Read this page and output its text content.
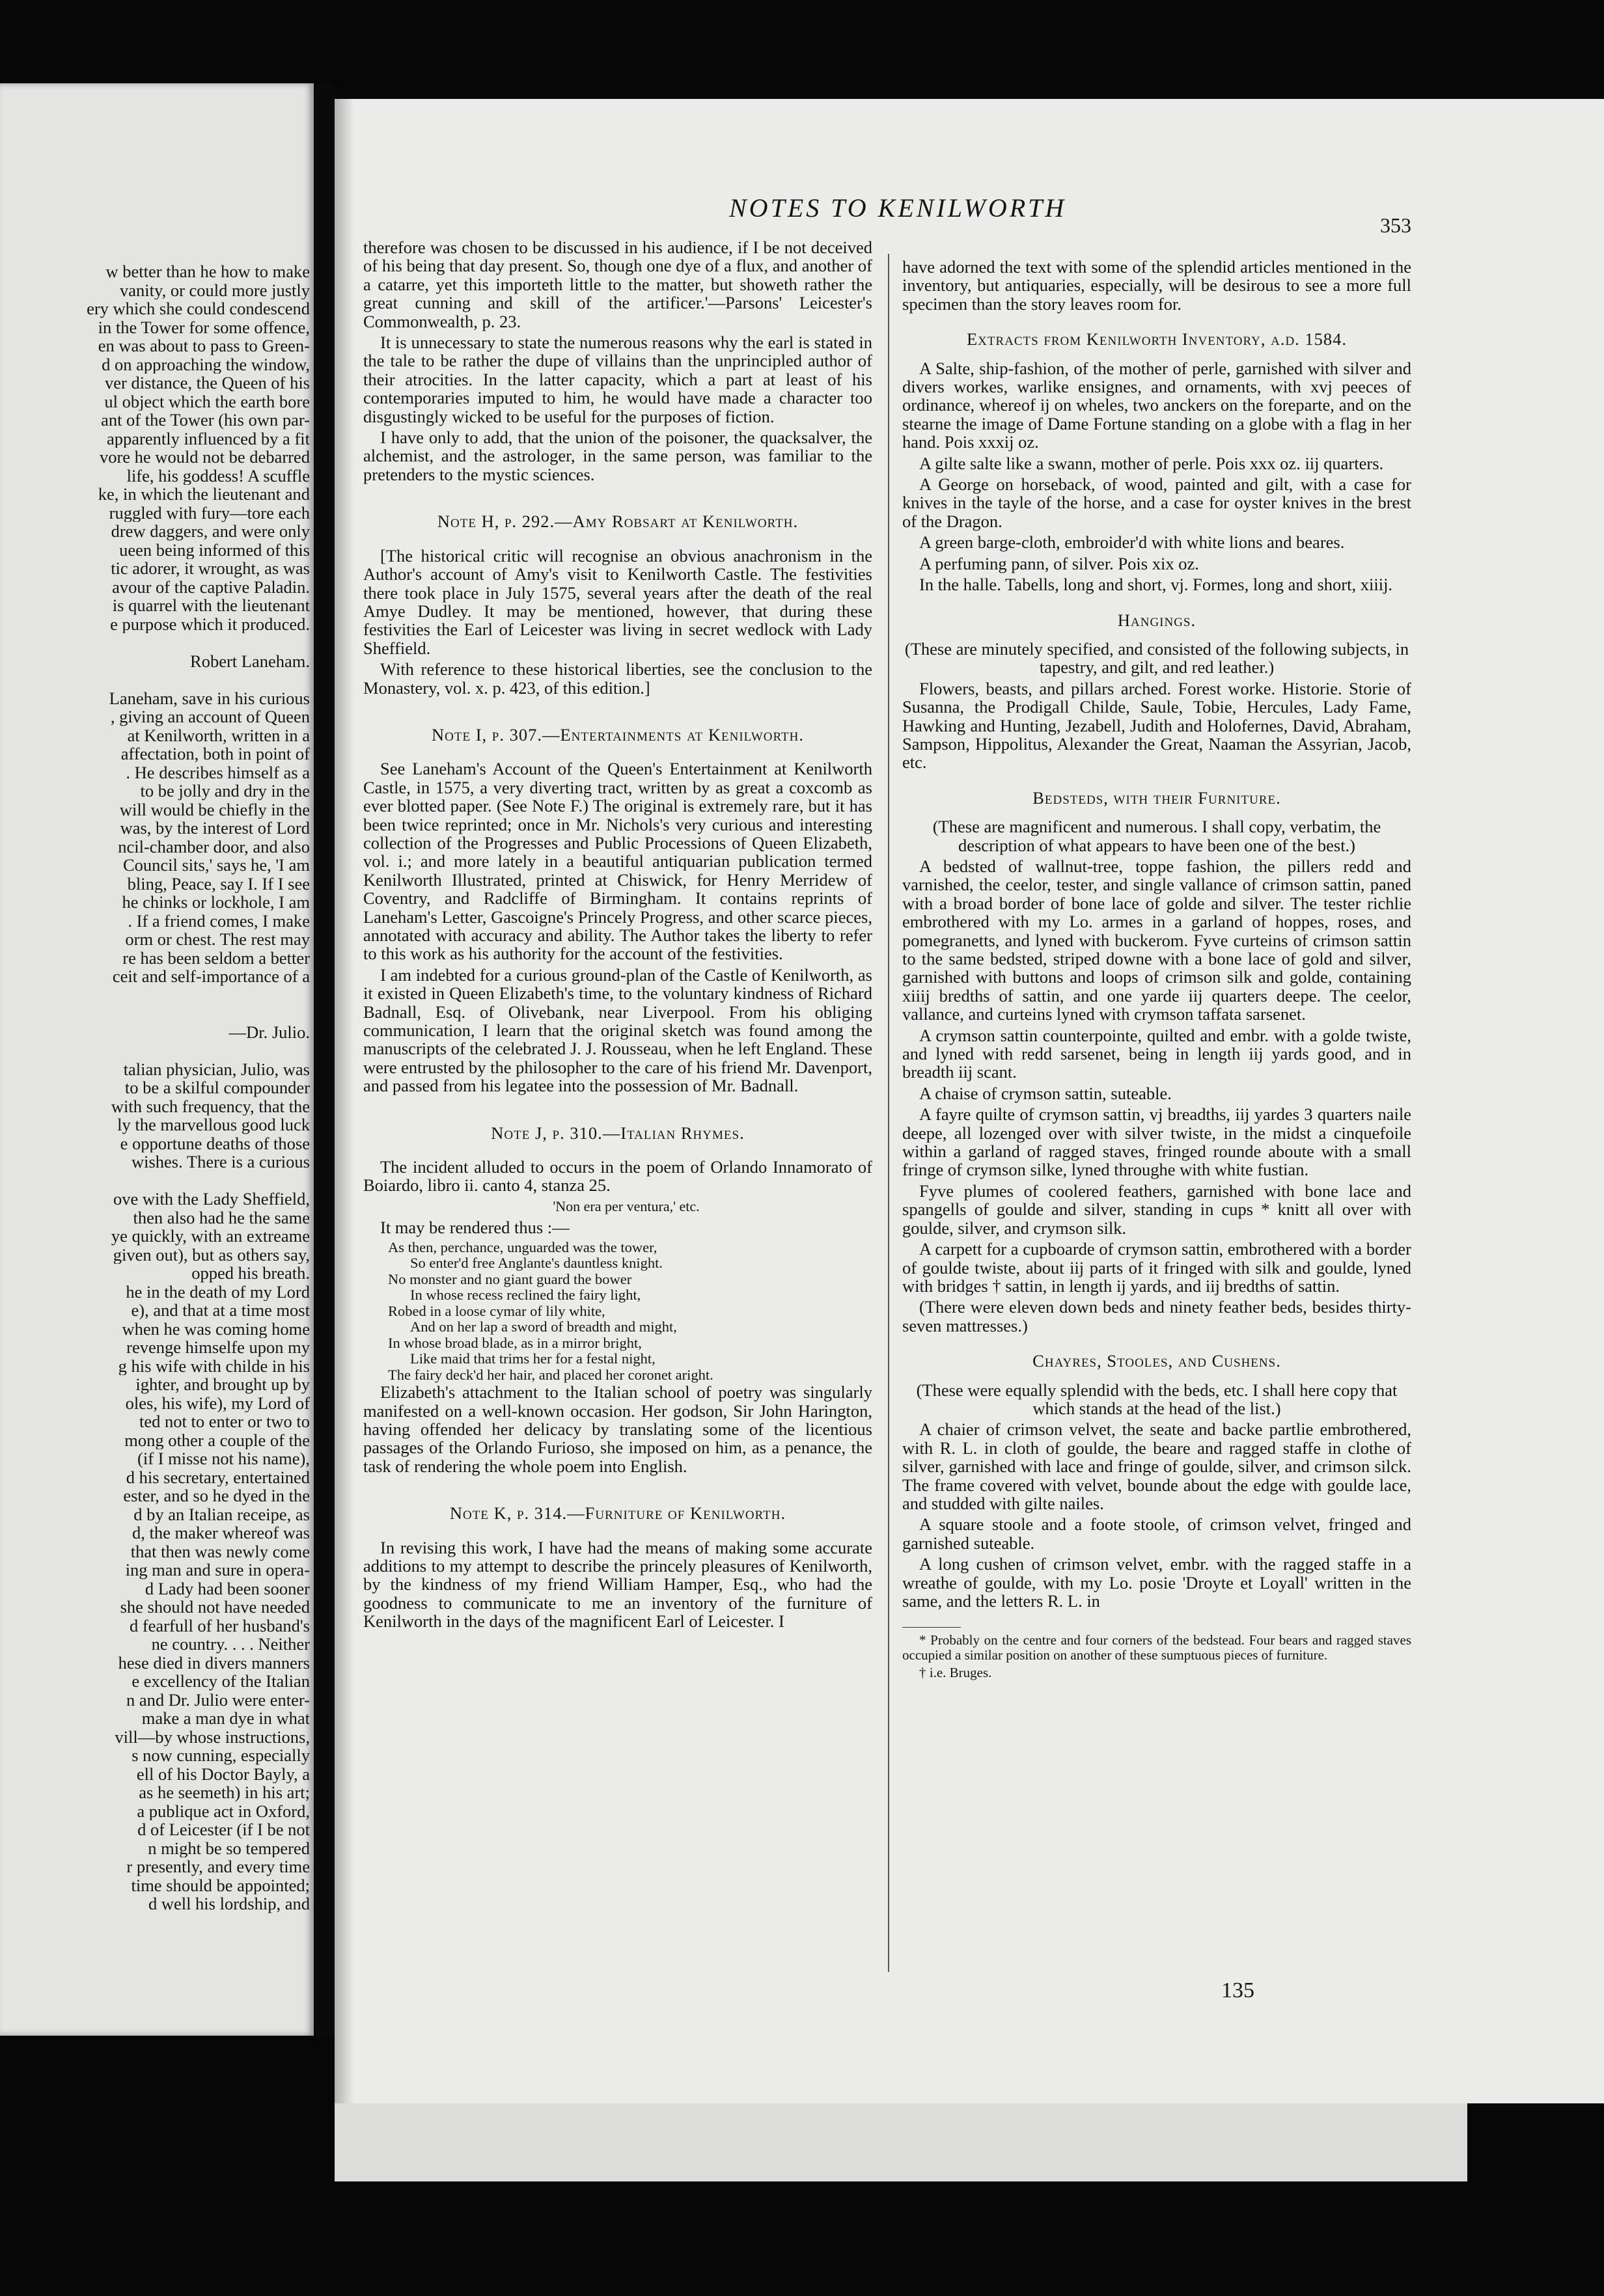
w better than he how to make
vanity, or could more justly
ery which she could condescend
in the Tower for some offence,
en was about to pass to Green-
d on approaching the window,
ver distance, the Queen of his
ul object which the earth bore
ant of the Tower (his own par-
apparently influenced by a fit
vore he would not be debarred
life, his goddess! A scuffle
ke, in which the lieutenant and
ruggled with fury—tore each
drew daggers, and were only
ueen being informed of this
tic adorer, it wrought, as was
avour of the captive Paladin.
is quarrel with the lieutenant
e purpose which it produced.

Robert Laneham.

Laneham, save in his curious
, giving an account of Queen
at Kenilworth, written in a
affectation, both in point of
. He describes himself as a
to be jolly and dry in the
will would be chiefly in the
was, by the interest of Lord
ncil-chamber door, and also
Council sits,' says he, 'I am
bling, Peace, say I. If I see
he chinks or lockhole, I am
. If a friend comes, I make
orm or chest. The rest may
re has been seldom a better
ceit and self-importance of a

—Dr. Julio.

talian physician, Julio, was
to be a skilful compounder
with such frequency, that the
ly the marvellous good luck
e opportune deaths of those
wishes. There is a curious

ove with the Lady Sheffield,
then also had he the same
ye quickly, with an extreame
given out), but as others say,
opped his breath.
he in the death of my Lord
e), and that at a time most
when he was coming home
revenge himselfe upon my
g his wife with childe in his
ighter, and brought up by
oles, his wife), my Lord of
ted not to enter or two to
mong other a couple of the
(if I misse not his name),
d his secretary, entertained
ester, and so he dyed in the
d by an Italian receipe, as
d, the maker whereof was
that then was newly come
ing man and sure in opera-
d Lady had been sooner
she should not have needed
d fearfull of her husband's
ne country. . . . Neither
hese died in divers manners
e excellency of the Italian
n and Dr. Julio were enter-
make a man dye in what
vill—by whose instructions,
s now cunning, especially
ell of his Doctor Bayly, a
as he seemeth) in his art;
a publique act in Oxford,
d of Leicester (if I be not
n might be so tempered
r presently, and every time
time should be appointed;
d well his lordship, and
NOTES TO KENILWORTH
353

therefore was chosen to be discussed in his audience, if I be not deceived of his being that day present. So, though one dye of a flux, and another of a catarre, yet this importeth little to the matter, but showeth rather the great cunning and skill of the artificer.'—Parsons' Leicester's Commonwealth, p. 23.

It is unnecessary to state the numerous reasons why the earl is stated in the tale to be rather the dupe of villains than the unprincipled author of their atrocities. In the latter capacity, which a part at least of his contemporaries imputed to him, he would have made a character too disgustingly wicked to be useful for the purposes of fiction.

I have only to add, that the union of the poisoner, the quacksalver, the alchemist, and the astrologer, in the same person, was familiar to the pretenders to the mystic sciences.

Note H, p. 292.—Amy Robsart at Kenilworth.

[The historical critic will recognise an obvious anachronism in the Author's account of Amy's visit to Kenilworth Castle. The festivities there took place in July 1575, several years after the death of the real Amye Dudley. It may be mentioned, however, that during these festivities the Earl of Leicester was living in secret wedlock with Lady Sheffield.

With reference to these historical liberties, see the conclusion to the Monastery, vol. x. p. 423, of this edition.]

Note I, p. 307.—Entertainments at Kenilworth.

See Laneham's Account of the Queen's Entertainment at Kenilworth Castle, in 1575, a very diverting tract, written by as great a coxcomb as ever blotted paper. (See Note F.) The original is extremely rare, but it has been twice reprinted; once in Mr. Nichols's very curious and interesting collection of the Progresses and Public Processions of Queen Elizabeth, vol. i.; and more lately in a beautiful antiquarian publication termed Kenilworth Illustrated, printed at Chiswick, for Henry Merridew of Coventry, and Radcliffe of Birmingham. It contains reprints of Laneham's Letter, Gascoigne's Princely Progress, and other scarce pieces, annotated with accuracy and ability. The Author takes the liberty to refer to this work as his authority for the account of the festivities.

I am indebted for a curious ground-plan of the Castle of Kenilworth, as it existed in Queen Elizabeth's time, to the voluntary kindness of Richard Badnall, Esq. of Olivebank, near Liverpool. From his obliging communication, I learn that the original sketch was found among the manuscripts of the celebrated J. J. Rousseau, when he left England. These were entrusted by the philosopher to the care of his friend Mr. Davenport, and passed from his legatee into the possession of Mr. Badnall.

Note J, p. 310.—Italian Rhymes.

The incident alluded to occurs in the poem of Orlando Innamorato of Boiardo, libro ii. canto 4, stanza 25.

'Non era per ventura,' etc.

It may be rendered thus :—

As then, perchance, unguarded was the tower,
So enter'd free Anglante's dauntless knight.
No monster and no giant guard the bower
In whose recess reclined the fairy light,
Robed in a loose cymar of lily white,
And on her lap a sword of breadth and might,
In whose broad blade, as in a mirror bright,
Like maid that trims her for a festal night,
The fairy deck'd her hair, and placed her coronet aright.

Elizabeth's attachment to the Italian school of poetry was singularly manifested on a well-known occasion. Her godson, Sir John Harington, having offended her delicacy by translating some of the licentious passages of the Orlando Furioso, she imposed on him, as a penance, the task of rendering the whole poem into English.

Note K, p. 314.—Furniture of Kenilworth.

In revising this work, I have had the means of making some accurate additions to my attempt to describe the princely pleasures of Kenilworth, by the kindness of my friend William Hamper, Esq., who had the goodness to communicate to me an inventory of the furniture of Kenilworth in the days of the magnificent Earl of Leicester. I

have adorned the text with some of the splendid articles mentioned in the inventory, but antiquaries, especially, will be desirous to see a more full specimen than the story leaves room for.

Extracts from Kenilworth Inventory, a.d. 1584.

A Salte, ship-fashion, of the mother of perle, garnished with silver and divers workes, warlike ensignes, and ornaments, with xvj peeces of ordinance, whereof ij on wheles, two anckers on the foreparte, and on the stearne the image of Dame Fortune standing on a globe with a flag in her hand. Pois xxxij oz.

A gilte salte like a swann, mother of perle. Pois xxx oz. iij quarters.

A George on horseback, of wood, painted and gilt, with a case for knives in the tayle of the horse, and a case for oyster knives in the brest of the Dragon.

A green barge-cloth, embroider'd with white lions and beares.

A perfuming pann, of silver. Pois xix oz.

In the halle. Tabells, long and short, vj. Formes, long and short, xiiij.

Hangings.

(These are minutely specified, and consisted of the following subjects, in tapestry, and gilt, and red leather.)

Flowers, beasts, and pillars arched. Forest worke. Historie. Storie of Susanna, the Prodigall Childe, Saule, Tobie, Hercules, Lady Fame, Hawking and Hunting, Jezabell, Judith and Holofernes, David, Abraham, Sampson, Hippolitus, Alexander the Great, Naaman the Assyrian, Jacob, etc.

Bedsteds, with their Furniture.

(These are magnificent and numerous. I shall copy, verbatim, the description of what appears to have been one of the best.)

A bedsted of wallnut-tree, toppe fashion, the pillers redd and varnished, the ceelor, tester, and single vallance of crimson sattin, paned with a broad border of bone lace of golde and silver. The tester richlie embrothered with my Lo. armes in a garland of hoppes, roses, and pomegranetts, and lyned with buckerom. Fyve curteins of crimson sattin to the same bedsted, striped downe with a bone lace of gold and silver, garnished with buttons and loops of crimson silk and golde, containing xiiij bredths of sattin, and one yarde iij quarters deepe. The ceelor, vallance, and curteins lyned with crymson taffata sarsenet.

A crymson sattin counterpointe, quilted and embr. with a golde twiste, and lyned with redd sarsenet, being in length iij yards good, and in breadth iij scant.

A chaise of crymson sattin, suteable.

A fayre quilte of crymson sattin, vj breadths, iij yardes 3 quarters naile deepe, all lozenged over with silver twiste, in the midst a cinquefoile within a garland of ragged staves, fringed rounde aboute with a small fringe of crymson silke, lyned throughe with white fustian.

Fyve plumes of coolered feathers, garnished with bone lace and spangells of goulde and silver, standing in cups * knitt all over with goulde, silver, and crymson silk.

A carpett for a cupboarde of crymson sattin, embrothered with a border of goulde twiste, about iij parts of it fringed with silk and goulde, lyned with bridges † sattin, in length ij yards, and iij bredths of sattin.

(There were eleven down beds and ninety feather beds, besides thirty-seven mattresses.)

Chayres, Stooles, and Cushens.

(These were equally splendid with the beds, etc. I shall here copy that which stands at the head of the list.)

A chaier of crimson velvet, the seate and backe partlie embrothered, with R. L. in cloth of goulde, the beare and ragged staffe in clothe of silver, garnished with lace and fringe of goulde, silver, and crimson silck. The frame covered with velvet, bounde about the edge with goulde lace, and studded with gilte nailes.

A square stoole and a foote stoole, of crimson velvet, fringed and garnished suteable.

A long cushen of crimson velvet, embr. with the ragged staffe in a wreathe of goulde, with my Lo. posie 'Droyte et Loyall' written in the same, and the letters R. L. in

* Probably on the centre and four corners of the bedstead. Four bears and ragged staves occupied a similar position on another of these sumptuous pieces of furniture.

† i.e. Bruges.

135
